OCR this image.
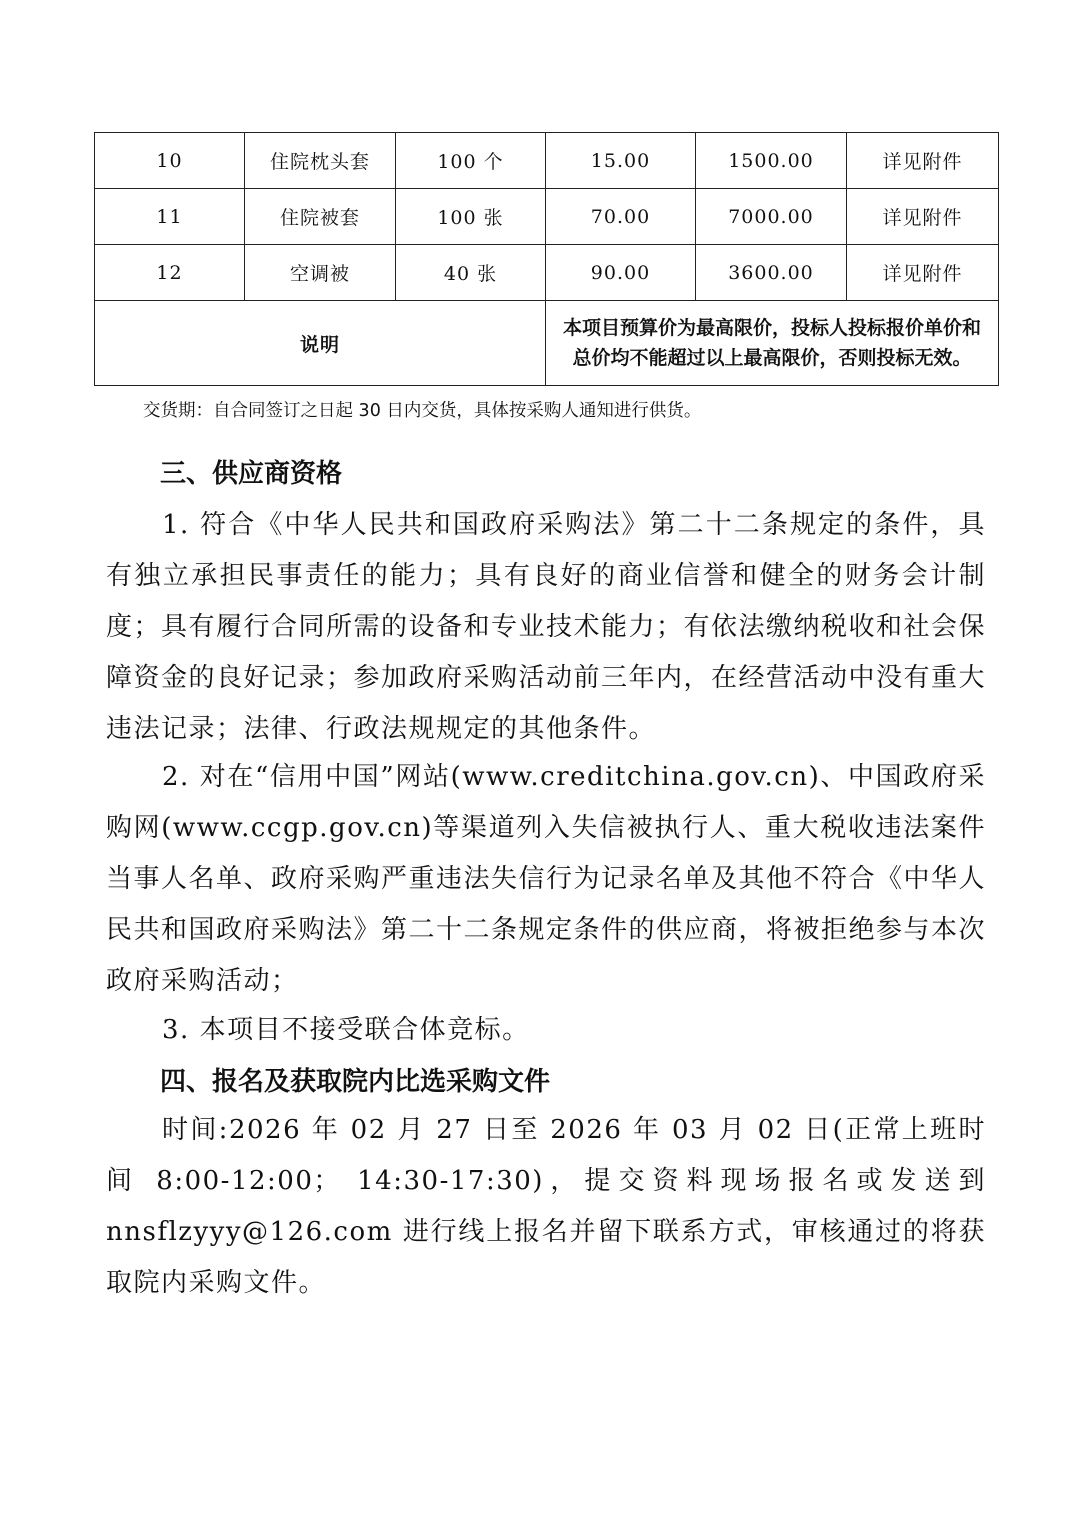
10	住院枕头套	100 个	15.00	1500.00	详见附件
11	住院被套	100 张	70.00	7000.00	详见附件
12	空调被	40 张	90.00	3600.00	详见附件
说明			本项目预算价为最高限价，投标人投标报价单价和总价均不能超过以上最高限价，否则投标无效。		
交货期：自合同签订之日起 30 日内交货，具体按采购人通知进行供货。
三、供应商资格

1. 符合《中华人民共和国政府采购法》第二十二条规定的条件，具有独立承担民事责任的能力；具有良好的商业信誉和健全的财务会计制度；具有履行合同所需的设备和专业技术能力；有依法缴纳税收和社会保障资金的良好记录；参加政府采购活动前三年内，在经营活动中没有重大违法记录；法律、行政法规规定的其他条件。

2. 对在“信用中国”网站(www.creditchina.gov.cn)、中国政府采购网(www.ccgp.gov.cn)等渠道列入失信被执行人、重大税收违法案件当事人名单、政府采购严重违法失信行为记录名单及其他不符合《中华人民共和国政府采购法》第二十二条规定条件的供应商，将被拒绝参与本次政府采购活动；

3. 本项目不接受联合体竞标。

四、报名及获取院内比选采购文件

时间:2026 年 02 月 27 日至 2026 年 03 月 02 日(正常上班时间 8:00-12:00； 14:30-17:30)，提交资料现场报名或发送到 nnsflzyyy@126.com 进行线上报名并留下联系方式，审核通过的将获取院内采购文件。
